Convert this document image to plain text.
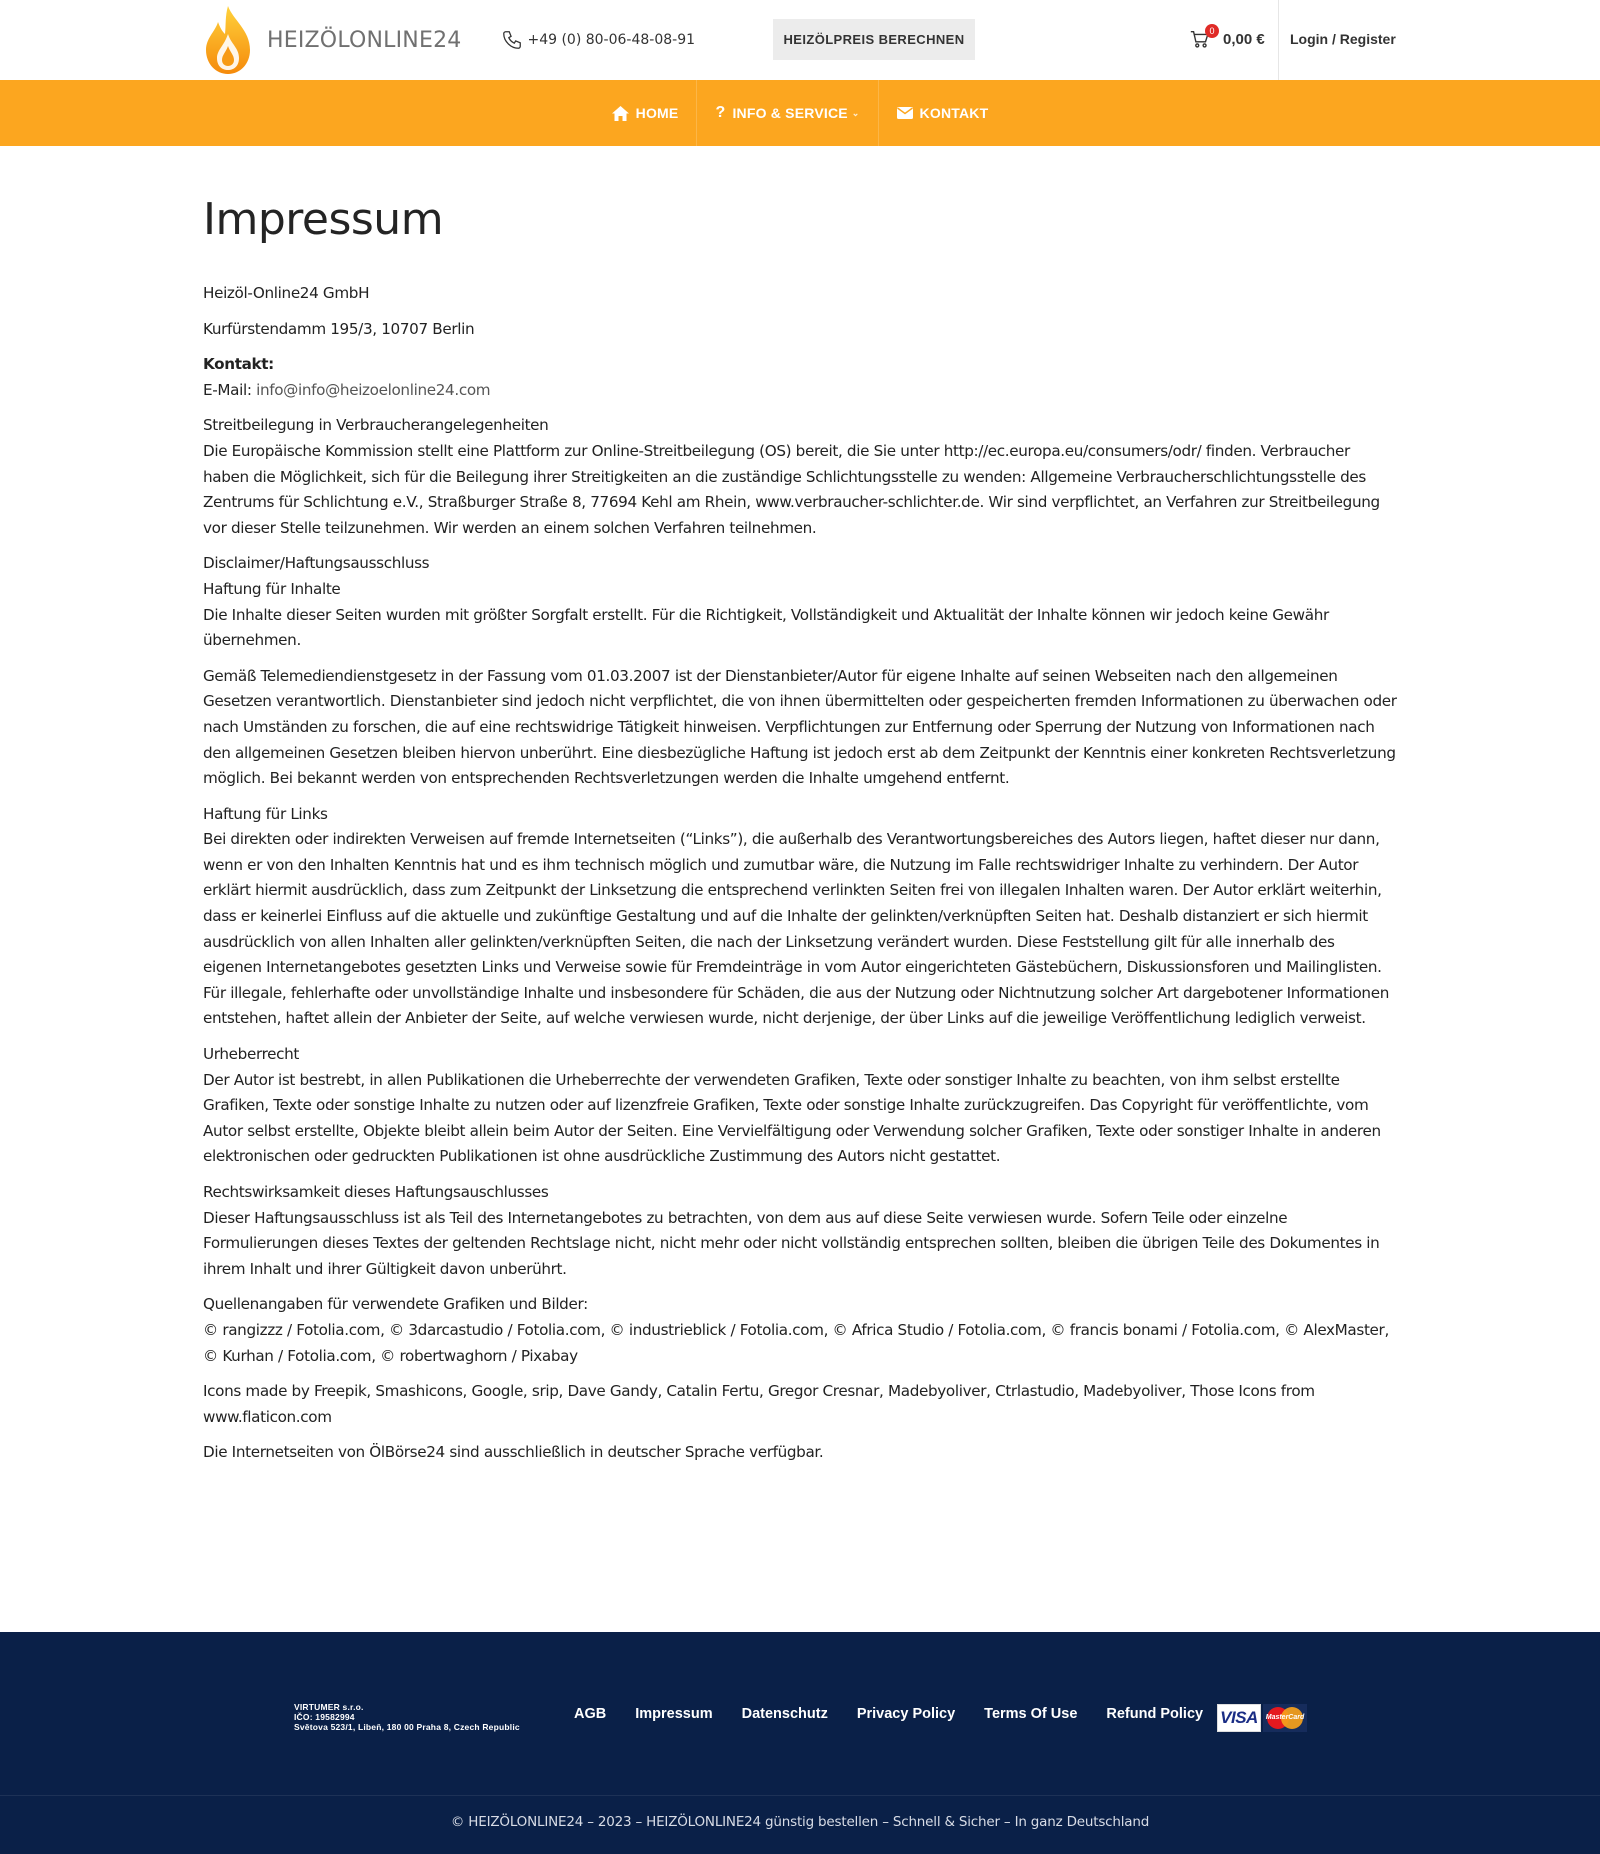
HEIZÖLONLINE24	+49 (0) 80-06-48-08-91	HEIZÖLPREIS BERECHNEN
0 0,00 € Login / Register
HOME ? INFO & SERVICE ⌄	KONTAKT
Impressum

Heizöl-Online24 GmbH

Kurfürstendamm 195/3, 10707 Berlin

Kontakt:
E-Mail: info@info@heizoelonline24.com
Streitbeilegung in Verbraucherangelegenheiten
Die Europäische Kommission stellt eine Plattform zur Online-Streitbeilegung (OS) bereit, die Sie unter http://ec.europa.eu/consumers/odr/ finden. Verbraucher haben die Möglichkeit, sich für die Beilegung ihrer Streitigkeiten an die zuständige Schlichtungsstelle zu wenden: Allgemeine Verbraucherschlichtungsstelle des Zentrums für Schlichtung e.V., Straßburger Straße 8, 77694 Kehl am Rhein, www.verbraucher-schlichter.de. Wir sind verpflichtet, an Verfahren zur Streitbeilegung vor dieser Stelle teilzunehmen. Wir werden an einem solchen Verfahren teilnehmen.
Disclaimer/Haftungsausschluss
Haftung für Inhalte
Die Inhalte dieser Seiten wurden mit größter Sorgfalt erstellt. Für die Richtigkeit, Vollständigkeit und Aktualität der Inhalte können wir jedoch keine Gewähr übernehmen.

Gemäß Telemediendienstgesetz in der Fassung vom 01.03.2007 ist der Dienstanbieter/Autor für eigene Inhalte auf seinen Webseiten nach den allgemeinen Gesetzen verantwortlich. Dienstanbieter sind jedoch nicht verpflichtet, die von ihnen übermittelten oder gespeicherten fremden Informationen zu überwachen oder nach Umständen zu forschen, die auf eine rechtswidrige Tätigkeit hinweisen. Verpflichtungen zur Entfernung oder Sperrung der Nutzung von Informationen nach den allgemeinen Gesetzen bleiben hiervon unberührt. Eine diesbezügliche Haftung ist jedoch erst ab dem Zeitpunkt der Kenntnis einer konkreten Rechtsverletzung möglich. Bei bekannt werden von entsprechenden Rechtsverletzungen werden die Inhalte umgehend entfernt.

Haftung für Links
Bei direkten oder indirekten Verweisen auf fremde Internetseiten (“Links”), die außerhalb des Verantwortungsbereiches des Autors liegen, haftet dieser nur dann, wenn er von den Inhalten Kenntnis hat und es ihm technisch möglich und zumutbar wäre, die Nutzung im Falle rechtswidriger Inhalte zu verhindern. Der Autor erklärt hiermit ausdrücklich, dass zum Zeitpunkt der Linksetzung die entsprechend verlinkten Seiten frei von illegalen Inhalten waren. Der Autor erklärt weiterhin, dass er keinerlei Einfluss auf die aktuelle und zukünftige Gestaltung und auf die Inhalte der gelinkten/verknüpften Seiten hat. Deshalb distanziert er sich hiermit ausdrücklich von allen Inhalten aller gelinkten/verknüpften Seiten, die nach der Linksetzung verändert wurden. Diese Feststellung gilt für alle innerhalb des eigenen Internetangebotes gesetzten Links und Verweise sowie für Fremdeinträge in vom Autor eingerichteten Gästebüchern, Diskussionsforen und Mailinglisten. Für illegale, fehlerhafte oder unvollständige Inhalte und insbesondere für Schäden, die aus der Nutzung oder Nichtnutzung solcher Art dargebotener Informationen entstehen, haftet allein der Anbieter der Seite, auf welche verwiesen wurde, nicht derjenige, der über Links auf die jeweilige Veröffentlichung lediglich verweist.
Urheberrecht
Der Autor ist bestrebt, in allen Publikationen die Urheberrechte der verwendeten Grafiken, Texte oder sonstiger Inhalte zu beachten, von ihm selbst erstellte Grafiken, Texte oder sonstige Inhalte zu nutzen oder auf lizenzfreie Grafiken, Texte oder sonstige Inhalte zurückzugreifen. Das Copyright für veröffentlichte, vom Autor selbst erstellte, Objekte bleibt allein beim Autor der Seiten. Eine Vervielfältigung oder Verwendung solcher Grafiken, Texte oder sonstiger Inhalte in anderen elektronischen oder gedruckten Publikationen ist ohne ausdrückliche Zustimmung des Autors nicht gestattet.
Rechtswirksamkeit dieses Haftungsauschlusses
Dieser Haftungsausschluss ist als Teil des Internetangebotes zu betrachten, von dem aus auf diese Seite verwiesen wurde. Sofern Teile oder einzelne Formulierungen dieses Textes der geltenden Rechtslage nicht, nicht mehr oder nicht vollständig entsprechen sollten, bleiben die übrigen Teile des Dokumentes in ihrem Inhalt und ihrer Gültigkeit davon unberührt.
Quellenangaben für verwendete Grafiken und Bilder:
© rangizzz / Fotolia.com, © 3darcastudio / Fotolia.com, © industrieblick / Fotolia.com, © Africa Studio / Fotolia.com, © francis bonami / Fotolia.com, © AlexMaster, © Kurhan / Fotolia.com, © robertwaghorn / Pixabay

Icons made by Freepik, Smashicons, Google, srip, Dave Gandy, Catalin Fertu, Gregor Cresnar, Madebyoliver, Ctrlastudio, Madebyoliver, Those Icons from www.flaticon.com

Die Internetseiten von ÖlBörse24 sind ausschließlich in deutscher Sprache verfügbar.

VIRTUMER s.r.o.
IČO: 19582994
Světova 523/1, Libeň, 180 00 Praha 8, Czech Republic
AGB Impressum Datenschutz Privacy Policy Terms Of Use Refund Policy VISA	MasterCard
© HEIZÖLONLINE24 – 2023 – HEIZÖLONLINE24 günstig bestellen – Schnell & Sicher – In ganz Deutschland
